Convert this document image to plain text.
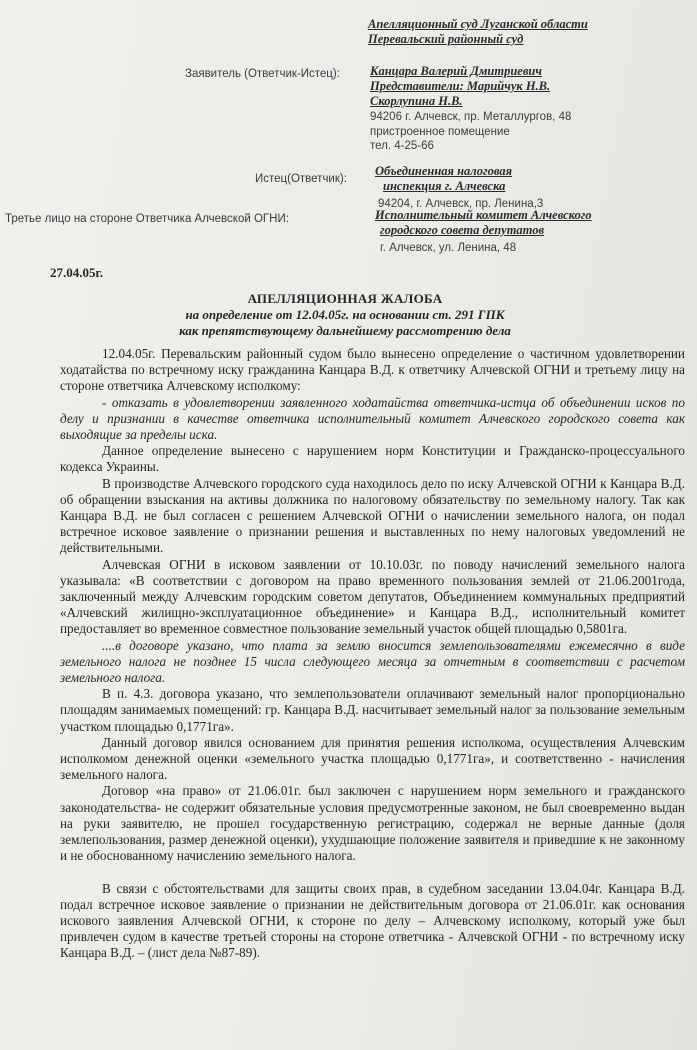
Апелляционный суд Луганской области
Перевальский районный суд
Заявитель (Ответчик-Истец): Канцара Валерий Дмитриевич
Представители: Марийчук Н.В.
Скорлупина Н.В.
94206 г. Алчевск, пр. Металлургов, 48
пристроенное помещение
тел. 4-25-66
Истец(Ответчик):
Объединенная налоговая
инспекция г. Алчевска
94204, г. Алчевск, пр. Ленина,3
Третье лицо на стороне Ответчика Алчевской ОГНИ:	Исполнительный комитет Алчевского
городского совета депутатов
г. Алчевск, ул. Ленина, 48
27.04.05г.
АПЕЛЛЯЦИОННАЯ ЖАЛОБА
на определение от 12.04.05г. на основании ст. 291 ГПК
как препятствующему дальнейшему рассмотрению дела

12.04.05г. Перевальским районный судом было вынесено определение о частичном удовлетворении ходатайства по встречному иску гражданина Канцара В.Д. к ответчику Алчевской ОГНИ и третьему лицу на стороне ответчика Алчевскому исполкому:

- отказать в удовлетворении заявленного ходатайства ответчика-истца об объединении исков по делу и признании в качестве ответчика исполнительный комитет Алчевского городского совета как выходящие за пределы иска.

Данное определение вынесено с нарушением норм Конституции и Гражданско-процессуального кодекса Украины.

В производстве Алчевского городского суда находилось дело по иску Алчевской ОГНИ к Канцара В.Д. об обращении взыскания на активы должника по налоговому обязательству по земельному налогу. Так как Канцара В.Д. не был согласен с решением Алчевской ОГНИ о начислении земельного налога, он подал встречное исковое заявление о признании решения и выставленных по нему налоговых уведомлений не действительными.

Алчевская ОГНИ в исковом заявлении от 10.10.03г. по поводу начислений земельного налога указывала: «В соответствии с договором на право временного пользования землей от 21.06.2001года, заключенный между Алчевским городским советом депутатов, Объединением коммунальных предприятий «Алчевский жилищно-эксплуатационное объединение» и Канцара В.Д., исполнительный комитет предоставляет во временное совместное пользование земельный участок общей площадью 0,5801га.

....в договоре указано, что плата за землю вносится землепользователями ежемесячно в виде земельного налога не позднее 15 числа следующего месяца за отчетным в соответствии с расчетом земельного налога.

В п. 4.3. договора указано, что землепользователи оплачивают земельный налог пропорционально площадям занимаемых помещений: гр. Канцара В.Д. насчитывает земельный налог за пользование земельным участком площадью 0,1771га».

Данный договор явился основанием для принятия решения исполкома, осуществления Алчевским исполкомом денежной оценки «земельного участка площадью 0,1771га», и соответственно - начисления земельного налога.

Договор «на право» от 21.06.01г. был заключен с нарушением норм земельного и гражданского законодательства- не содержит обязательные условия предусмотренные законом, не был своевременно выдан на руки заявителю, не прошел государственную регистрацию, содержал не верные данные (доля землепользования, размер денежной оценки), ухудшающие положение заявителя и приведшие к не законному и не обоснованному начислению земельного налога.

В связи с обстоятельствами для защиты своих прав, в судебном заседании 13.04.04г. Канцара В.Д. подал встречное исковое заявление о признании не действительным договора от 21.06.01г. как основания искового заявления Алчевской ОГНИ, к стороне по делу – Алчевскому исполкому, который уже был привлечен судом в качестве третьей стороны на стороне ответчика - Алчевской ОГНИ - по встречному иску Канцара В.Д. – (лист дела №87-89).
